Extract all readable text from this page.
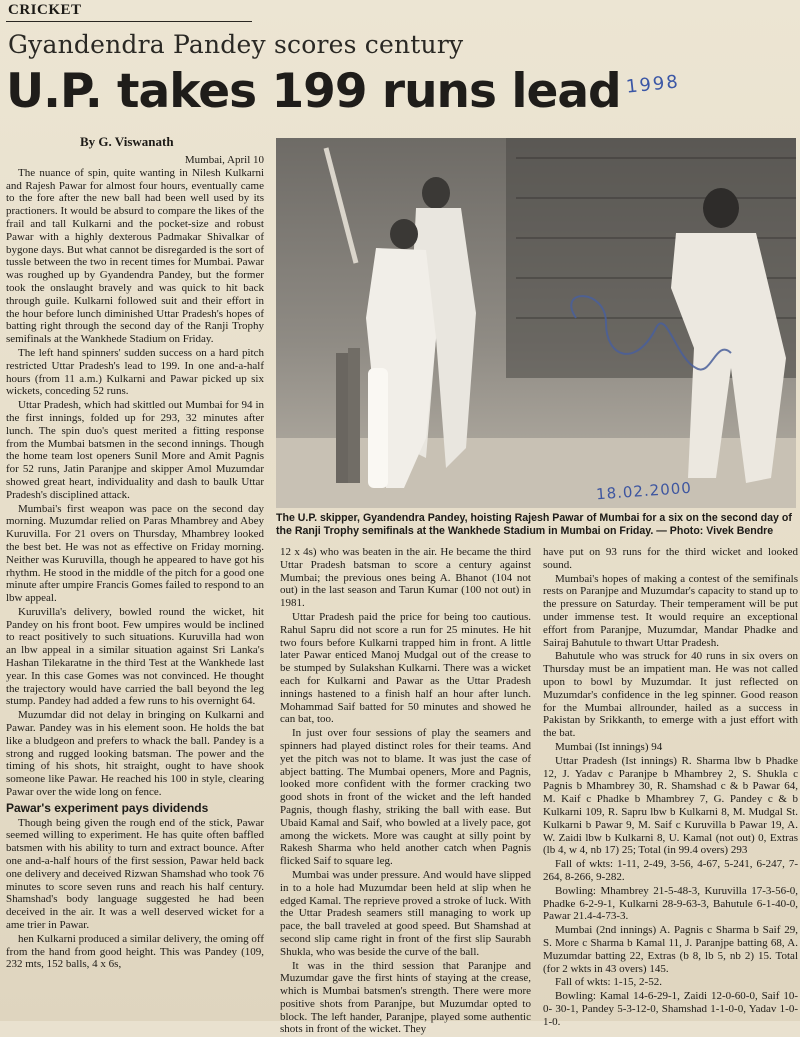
CRICKET
Gyandendra Pandey scores century
U.P. takes 199 runs lead 1998
By G. Viswanath
18.02.2000
The U.P. skipper, Gyandendra Pandey, hoisting Rajesh Pawar of Mumbai for a six on the second day of the Ranji Trophy semifinals at the Wankhede Stadium in Mumbai on Friday. — Photo: Vivek Bendre
Mumbai, April 10

The nuance of spin, quite wanting in Nilesh Kulkarni and Rajesh Pawar for almost four hours, eventually came to the fore after the new ball had been well used by its practioners. It would be absurd to compare the likes of the frail and tall Kulkarni and the pocket-size and robust Pawar with a highly dexterous Padmakar Shivalkar of bygone days. But what cannot be disregarded is the sort of tussle between the two in recent times for Mumbai. Pawar was roughed up by Gyandendra Pandey, but the former took the onslaught bravely and was quick to hit back through guile. Kulkarni followed suit and their effort in the hour before lunch diminished Uttar Pradesh's hopes of batting right through the second day of the Ranji Trophy semifinals at the Wankhede Stadium on Friday.

The left hand spinners' sudden success on a hard pitch restricted Uttar Pradesh's lead to 199. In one and-a-half hours (from 11 a.m.) Kulkarni and Pawar picked up six wickets, conceding 52 runs.

Uttar Pradesh, which had skittled out Mumbai for 94 in the first innings, folded up for 293, 32 minutes after lunch. The spin duo's quest merited a fitting response from the Mumbai batsmen in the second innings. Though the home team lost openers Sunil More and Amit Pagnis for 52 runs, Jatin Paranjpe and skipper Amol Muzumdar showed great heart, individuality and dash to baulk Uttar Pradesh's disciplined attack.

Mumbai's first weapon was pace on the second day morning. Muzumdar relied on Paras Mhambrey and Abey Kuruvilla. For 21 overs on Thursday, Mhambrey looked the best bet. He was not as effective on Friday morning. Neither was Kuruvilla, though he appeared to have got his rhythm. He stood in the middle of the pitch for a good one minute after umpire Francis Gomes failed to respond to an lbw appeal.

Kuruvilla's delivery, bowled round the wicket, hit Pandey on his front boot. Few umpires would be inclined to react positively to such situations. Kuruvilla had won an lbw appeal in a similar situation against Sri Lanka's Hashan Tilekaratne in the third Test at the Wankhede last year. In this case Gomes was not convinced. He thought the trajectory would have carried the ball beyond the leg stump. Pandey had added a few runs to his overnight 64.

Muzumdar did not delay in bringing on Kulkarni and Pawar. Pandey was in his element soon. He holds the bat like a bludgeon and prefers to whack the ball. Pandey is a strong and rugged looking batsman. The power and the timing of his shots, hit straight, ought to have shook someone like Pawar. He reached his 100 in style, clearing Pawar over the wide long on fence.

Pawar's experiment pays dividends

Though being given the rough end of the stick, Pawar seemed willing to experiment. He has quite often baffled batsmen with his ability to turn and extract bounce. After one and-a-half hours of the first session, Pawar held back one delivery and deceived Rizwan Shamshad who took 76 minutes to score seven runs and reach his half century. Shamshad's body language suggested he had been deceived in the air. It was a well deserved wicket for a ame trier in Pawar.

hen Kulkarni produced a similar delivery, the oming off from the hand from good height. This was Pandey (109, 232 mts, 152 balls, 4 x 6s,

12 x 4s) who was beaten in the air. He became the third Uttar Pradesh batsman to score a century against Mumbai; the previous ones being A. Bhanot (104 not out) in the last season and Tarun Kumar (100 not out) in 1981.

Uttar Pradesh paid the price for being too cautious. Rahul Sapru did not score a run for 25 minutes. He hit two fours before Kulkarni trapped him in front. A little later Pawar enticed Manoj Mudgal out of the crease to be stumped by Sulakshan Kulkarni. There was a wicket each for Kulkarni and Pawar as the Uttar Pradesh innings hastened to a finish half an hour after lunch. Mohammad Saif batted for 50 minutes and showed he can bat, too.

In just over four sessions of play the seamers and spinners had played distinct roles for their teams. And yet the pitch was not to blame. It was just the case of abject batting. The Mumbai openers, More and Pagnis, looked more confident with the former cracking two good shots in front of the wicket and the left handed Pagnis, though flashy, striking the ball with ease. But Ubaid Kamal and Saif, who bowled at a lively pace, got among the wickets. More was caught at silly point by Rakesh Sharma who held another catch when Pagnis flicked Saif to square leg.

Mumbai was under pressure. And would have slipped in to a hole had Muzumdar been held at slip when he edged Kamal. The reprieve proved a stroke of luck. With the Uttar Pradesh seamers still managing to work up pace, the ball traveled at good speed. But Shamshad at second slip came right in front of the first slip Saurabh Shukla, who was beside the curve of the ball.

It was in the third session that Paranjpe and Muzumdar gave the first hints of staying at the crease, which is Mumbai batsmen's strength. There were more positive shots from Paranjpe, but Muzumdar opted to block. The left hander, Paranjpe, played some authentic shots in front of the wicket. They

have put on 93 runs for the third wicket and looked sound.

Mumbai's hopes of making a contest of the semifinals rests on Paranjpe and Muzumdar's capacity to stand up to the pressure on Saturday. Their temperament will be put under immense test. It would require an exceptional effort from Paranjpe, Muzumdar, Mandar Phadke and Sairaj Bahutule to thwart Uttar Pradesh.

Bahutule who was struck for 40 runs in six overs on Thursday must be an impatient man. He was not called upon to bowl by Muzumdar. It just reflected on Muzumdar's confidence in the leg spinner. Good reason for the Mumbai allrounder, hailed as a success in Pakistan by Srikkanth, to emerge with a just effort with the bat.

Mumbai (Ist innings) 94

Uttar Pradesh (Ist innings) R. Sharma lbw b Phadke 12, J. Yadav c Paranjpe b Mhambrey 2, S. Shukla c Pagnis b Mhambrey 30, R. Shamshad c & b Pawar 64, M. Kaif c Phadke b Mhambrey 7, G. Pandey c & b Kulkarni 109, R. Sapru lbw b Kulkarni 8, M. Mudgal St. Kulkarni b Pawar 9, M. Saif c Kuruvilla b Pawar 19, A. W. Zaidi lbw b Kulkarni 8, U. Kamal (not out) 0, Extras (lb 4, w 4, nb 17) 25; Total (in 99.4 overs) 293

Fall of wkts: 1-11, 2-49, 3-56, 4-67, 5-241, 6-247, 7- 264, 8-266, 9-282.

Bowling: Mhambrey 21-5-48-3, Kuruvilla 17-3-56-0, Phadke 6-2-9-1, Kulkarni 28-9-63-3, Bahutule 6-1-40-0, Pawar 21.4-4-73-3.

Mumbai (2nd innings) A. Pagnis c Sharma b Saif 29, S. More c Sharma b Kamal 11, J. Paranjpe batting 68, A. Muzumdar batting 22, Extras (b 8, lb 5, nb 2) 15. Total (for 2 wkts in 43 overs) 145.

Fall of wkts: 1-15, 2-52.

Bowling: Kamal 14-6-29-1, Zaidi 12-0-60-0, Saif 10-0- 30-1, Pandey 5-3-12-0, Shamshad 1-1-0-0, Yadav 1-0-1-0.
